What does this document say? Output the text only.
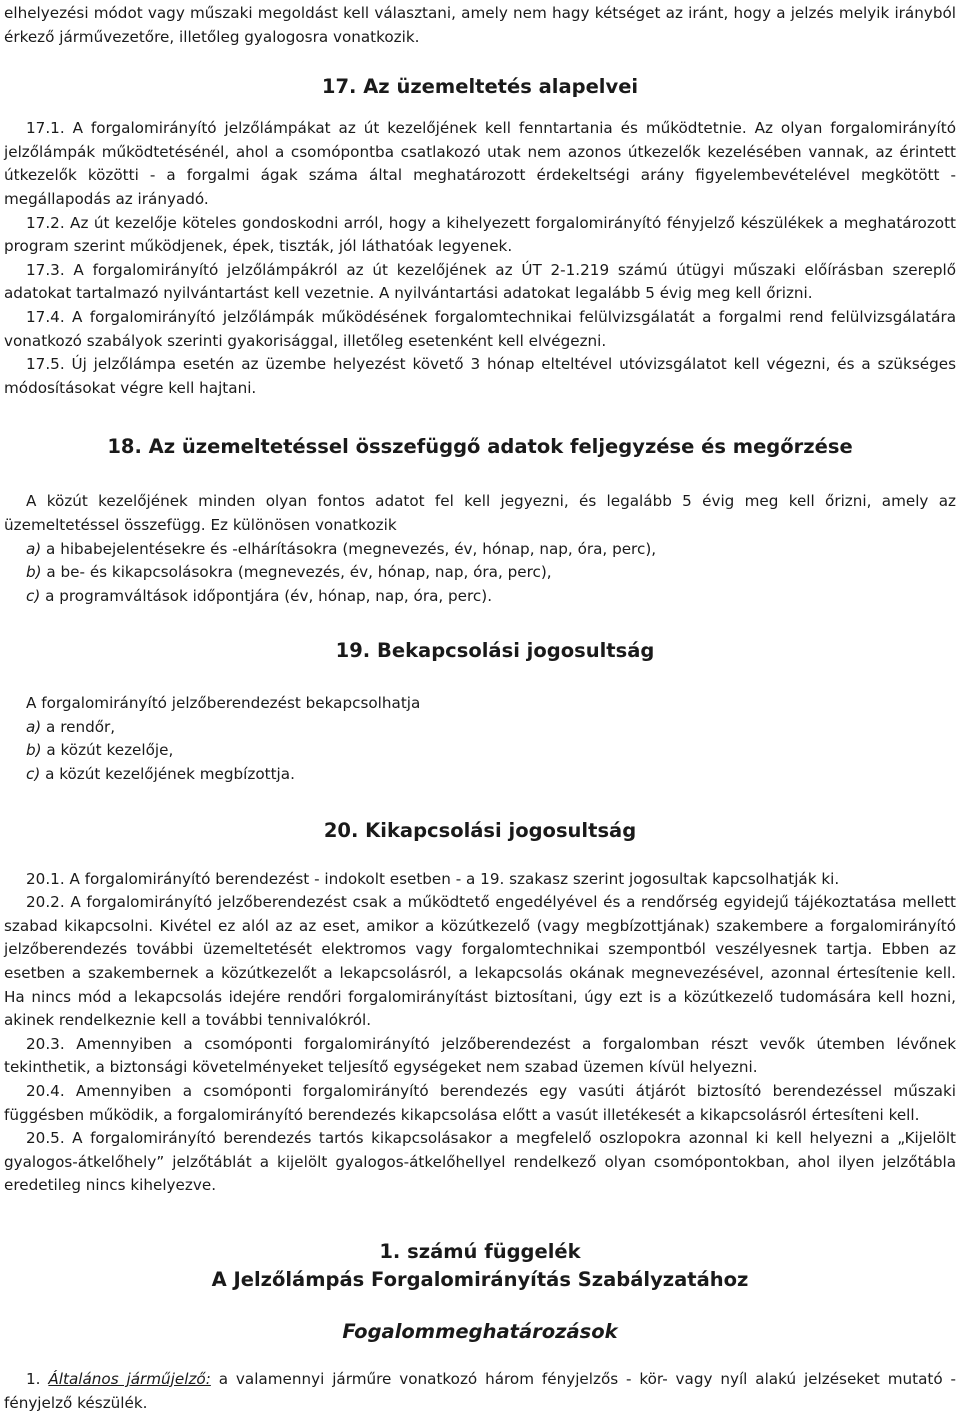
elhelyezési módot vagy műszaki megoldást kell választani, amely nem hagy kétséget az iránt, hogy a jelzés melyik irányból érkező járművezetőre, illetőleg gyalogosra vonatkozik.

17. Az üzemeltetés alapelvei

17.1. A forgalomirányító jelzőlámpákat az út kezelőjének kell fenntartania és működtetnie. Az olyan forgalomirányító jelzőlámpák működtetésénél, ahol a csomópontba csatlakozó utak nem azonos útkezelők kezelésében vannak, az érintett útkezelők közötti - a forgalmi ágak száma által meghatározott érdekeltségi arány figyelembevételével megkötött - megállapodás az irányadó.

17.2. Az út kezelője köteles gondoskodni arról, hogy a kihelyezett forgalomirányító fényjelző készülékek a meghatározott program szerint működjenek, épek, tiszták, jól láthatóak legyenek.

17.3. A forgalomirányító jelzőlámpákról az út kezelőjének az ÚT 2-1.219 számú útügyi műszaki előírásban szereplő adatokat tartalmazó nyilvántartást kell vezetnie. A nyilvántartási adatokat legalább 5 évig meg kell őrizni.

17.4. A forgalomirányító jelzőlámpák működésének forgalomtechnikai felülvizsgálatát a forgalmi rend felülvizsgálatára vonatkozó szabályok szerinti gyakorisággal, illetőleg esetenként kell elvégezni.

17.5. Új jelzőlámpa esetén az üzembe helyezést követő 3 hónap elteltével utóvizsgálatot kell végezni, és a szükséges módosításokat végre kell hajtani.

18. Az üzemeltetéssel összefüggő adatok feljegyzése és megőrzése

A közút kezelőjének minden olyan fontos adatot fel kell jegyezni, és legalább 5 évig meg kell őrizni, amely az üzemeltetéssel összefügg. Ez különösen vonatkozik

a) a hibabejelentésekre és -elhárításokra (megnevezés, év, hónap, nap, óra, perc),

b) a be- és kikapcsolásokra (megnevezés, év, hónap, nap, óra, perc),

c) a programváltások időpontjára (év, hónap, nap, óra, perc).

19. Bekapcsolási jogosultság

A forgalomirányító jelzőberendezést bekapcsolhatja

a) a rendőr,

b) a közút kezelője,

c) a közút kezelőjének megbízottja.

20. Kikapcsolási jogosultság

20.1. A forgalomirányító berendezést - indokolt esetben - a 19. szakasz szerint jogosultak kapcsolhatják ki.

20.2. A forgalomirányító jelzőberendezést csak a működtető engedélyével és a rendőrség egyidejű tájékoztatása mellett szabad kikapcsolni. Kivétel ez alól az az eset, amikor a közútkezelő (vagy megbízottjának) szakembere a forgalomirányító jelzőberendezés további üzemeltetését elektromos vagy forgalomtechnikai szempontból veszélyesnek tartja. Ebben az esetben a szakembernek a közútkezelőt a lekapcsolásról, a lekapcsolás okának megnevezésével, azonnal értesítenie kell. Ha nincs mód a lekapcsolás idejére rendőri forgalomirányítást biztosítani, úgy ezt is a közútkezelő tudomására kell hozni, akinek rendelkeznie kell a további tennivalókról.

20.3. Amennyiben a csomóponti forgalomirányító jelzőberendezést a forgalomban részt vevők útemben lévőnek tekinthetik, a biztonsági követelményeket teljesítő egységeket nem szabad üzemen kívül helyezni.

20.4. Amennyiben a csomóponti forgalomirányító berendezés egy vasúti átjárót biztosító berendezéssel műszaki függésben működik, a forgalomirányító berendezés kikapcsolása előtt a vasút illetékesét a kikapcsolásról értesíteni kell.

20.5. A forgalomirányító berendezés tartós kikapcsolásakor a megfelelő oszlopokra azonnal ki kell helyezni a „Kijelölt gyalogos-átkelőhely” jelzőtáblát a kijelölt gyalogos-átkelőhellyel rendelkező olyan csomópontokban, ahol ilyen jelzőtábla eredetileg nincs kihelyezve.

1. számú függelék
A Jelzőlámpás Forgalomirányítás Szabályzatához
Fogalommeghatározások

1. Általános járműjelző: a valamennyi járműre vonatkozó három fényjelzős - kör- vagy nyíl alakú jelzéseket mutató - fényjelző készülék.
